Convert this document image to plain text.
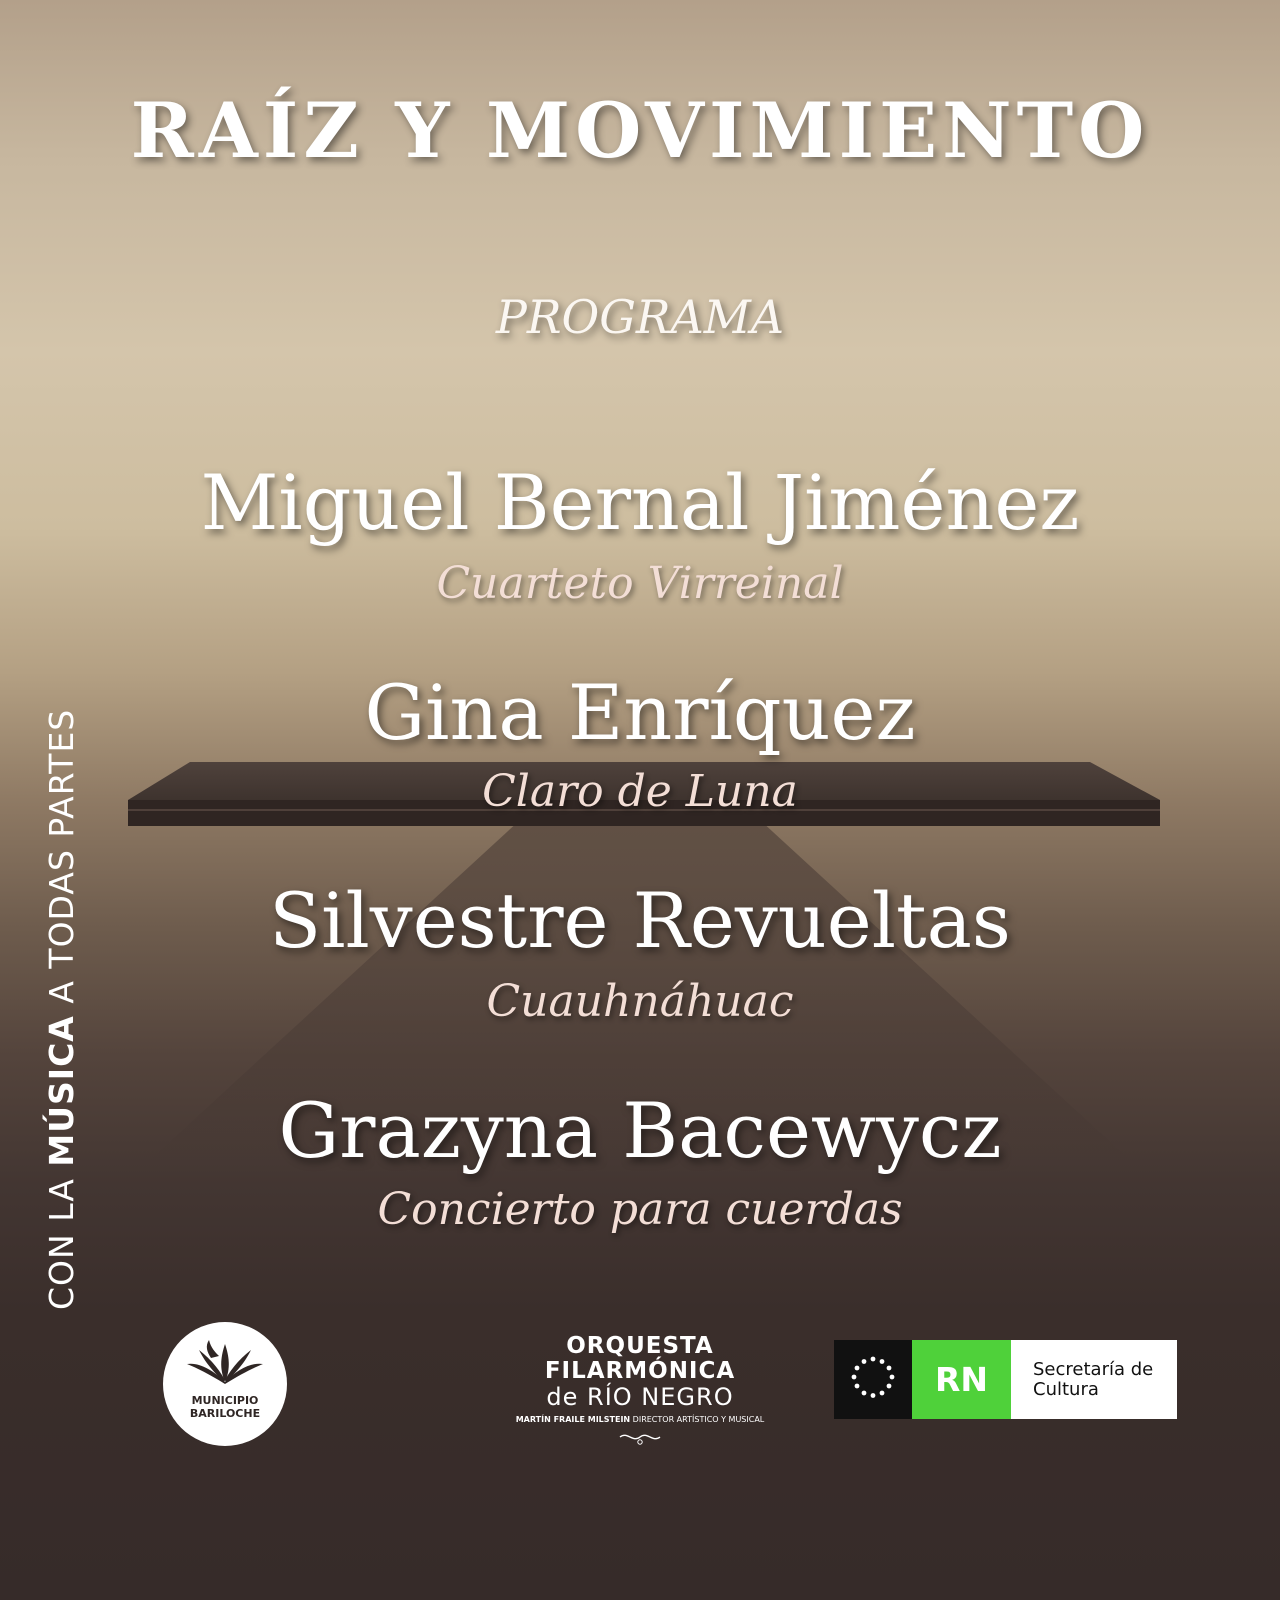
RAÍZ Y MOVIMIENTO
PROGRAMA
Miguel Bernal Jiménez
Cuarteto Virreinal
Gina Enríquez
Claro de Luna
Silvestre Revueltas
Cuauhnáhuac
Grazyna Bacewycz
Concierto para cuerdas
CON LA MÚSICA A TODAS PARTES
MUNICIPIO
BARILOCHE
ORQUESTA
FILARMÓNICA
de RÍO NEGRO
MARTÍN FRAILE MILSTEIN DIRECTOR ARTÍSTICO Y MUSICAL
RN	Secretaría de
Cultura
